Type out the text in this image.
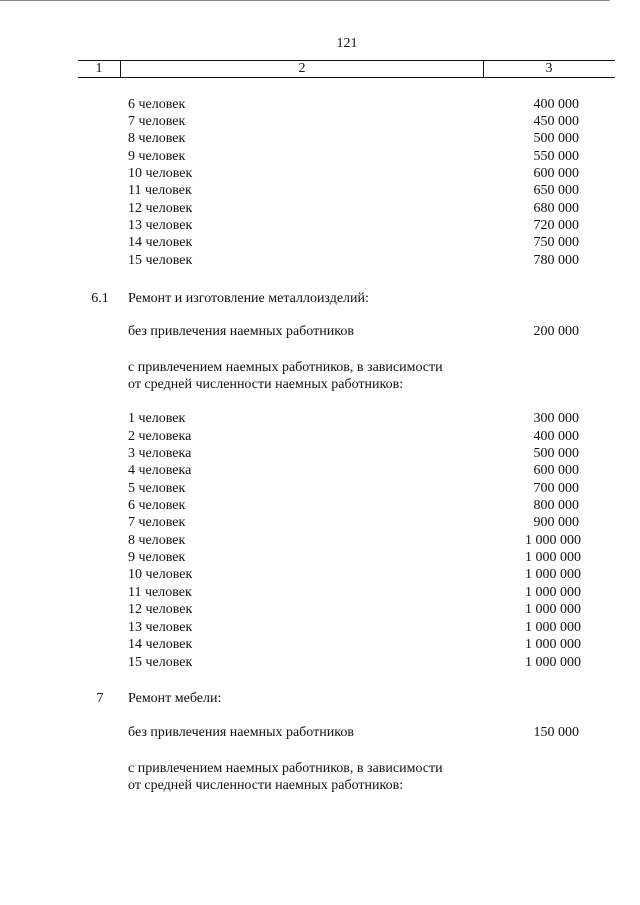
121
1	2	3
6 человек	400 000
7 человек	450 000
8 человек	500 000
9 человек	550 000
10 человек	600 000
11 человек	650 000
12 человек	680 000
13 человек	720 000
14 человек	750 000
15 человек	780 000
6.1	Ремонт и изготовление металлоизделий:
без привлечения наемных работников	200 000
с привлечением наемных работников, в зависимости
от средней численности наемных работников:
1 человек	300 000
2 человека	400 000
3 человека	500 000
4 человека	600 000
5 человек	700 000
6 человек	800 000
7 человек	900 000
8 человек	1 000 000
9 человек	1 000 000
10 человек	1 000 000
11 человек	1 000 000
12 человек	1 000 000
13 человек	1 000 000
14 человек	1 000 000
15 человек	1 000 000
7	Ремонт мебели:
без привлечения наемных работников	150 000
с привлечением наемных работников, в зависимости
от средней численности наемных работников:
